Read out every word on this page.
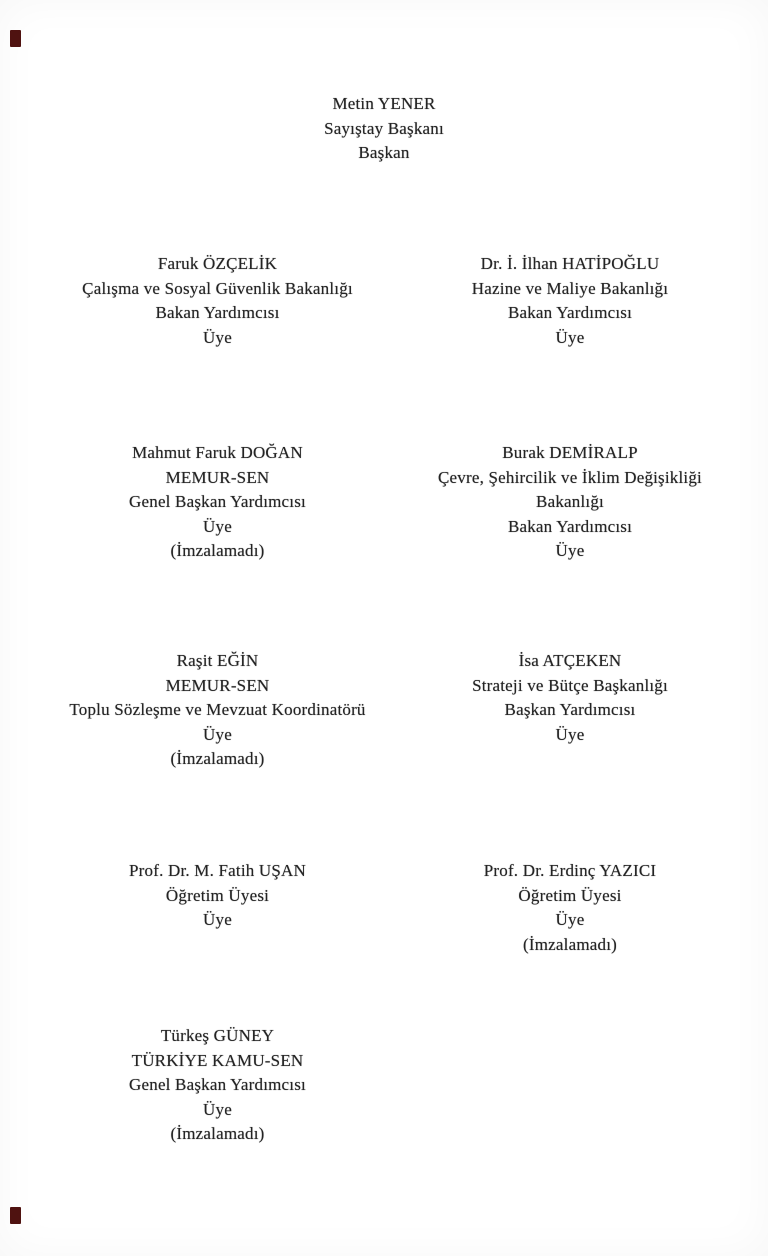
Metin YENER
Sayıştay Başkanı
Başkan
Faruk ÖZÇELİK
Çalışma ve Sosyal Güvenlik Bakanlığı
Bakan Yardımcısı
Üye
Dr. İ. İlhan HATİPOĞLU
Hazine ve Maliye Bakanlığı
Bakan Yardımcısı
Üye
Mahmut Faruk DOĞAN
MEMUR-SEN
Genel Başkan Yardımcısı
Üye
(İmzalamadı)
Burak DEMİRALP
Çevre, Şehircilik ve İklim Değişikliği
Bakanlığı
Bakan Yardımcısı
Üye
Raşit EĞİN
MEMUR-SEN
Toplu Sözleşme ve Mevzuat Koordinatörü
Üye
(İmzalamadı)
İsa ATÇEKEN
Strateji ve Bütçe Başkanlığı
Başkan Yardımcısı
Üye
Prof. Dr. M. Fatih UŞAN
Öğretim Üyesi
Üye
Prof. Dr. Erdinç YAZICI
Öğretim Üyesi
Üye
(İmzalamadı)
Türkeş GÜNEY
TÜRKİYE KAMU-SEN
Genel Başkan Yardımcısı
Üye
(İmzalamadı)
